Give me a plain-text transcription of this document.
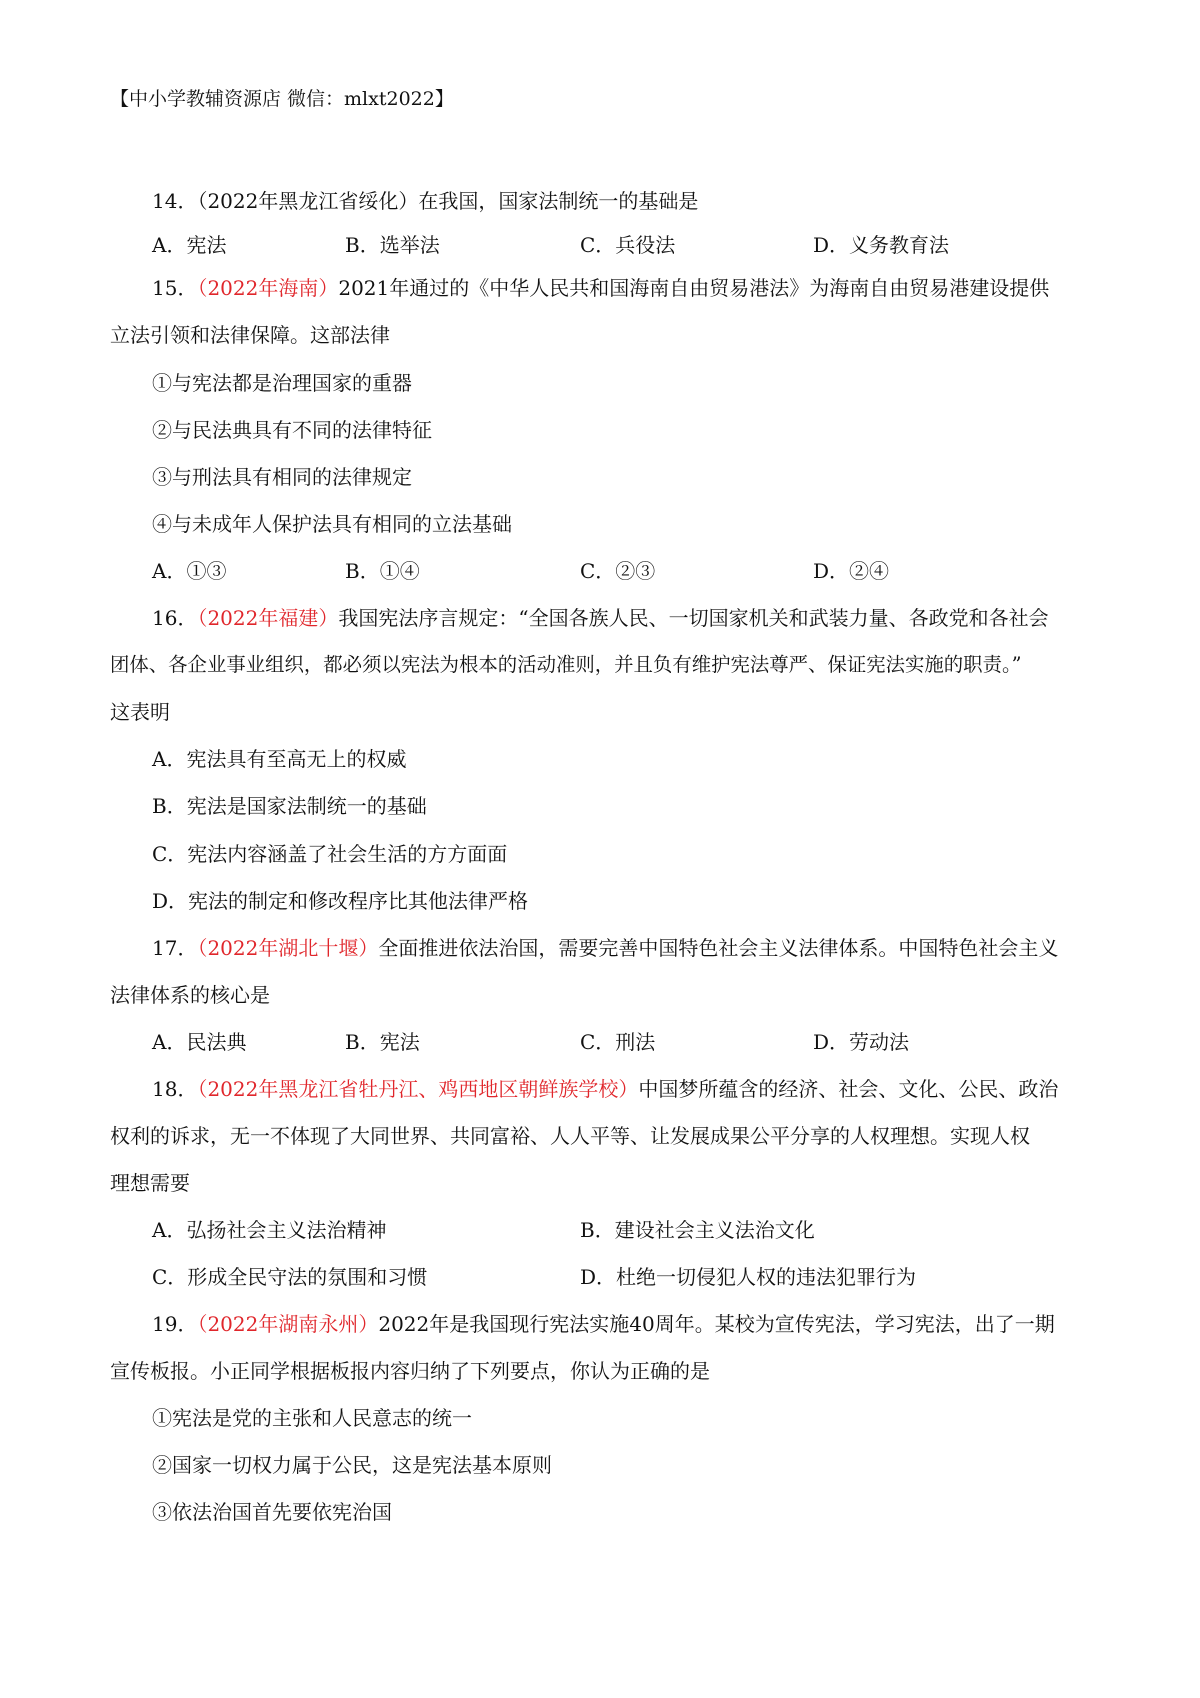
【中小学教辅资源店 微信：mlxt2022】
14．（2022年黑龙江省绥化）在我国，国家法制统一的基础是
A．宪法	B．选举法	C．兵役法	D．义务教育法
15．（2022年海南）2021年通过的《中华人民共和国海南自由贸易港法》为海南自由贸易港建设提供
立法引领和法律保障。这部法律
①与宪法都是治理国家的重器
②与民法典具有不同的法律特征
③与刑法具有相同的法律规定
④与未成年人保护法具有相同的立法基础
A．①③	B．①④	C．②③	D．②④
16．（2022年福建）我国宪法序言规定：“全国各族人民、一切国家机关和武装力量、各政党和各社会
团体、各企业事业组织，都必须以宪法为根本的活动准则，并且负有维护宪法尊严、保证宪法实施的职责。”
这表明
A．宪法具有至高无上的权威
B．宪法是国家法制统一的基础
C．宪法内容涵盖了社会生活的方方面面
D．宪法的制定和修改程序比其他法律严格
17．（2022年湖北十堰）全面推进依法治国，需要完善中国特色社会主义法律体系。中国特色社会主义
法律体系的核心是
A．民法典	B．宪法	C．刑法	D．劳动法
18．（2022年黑龙江省牡丹江、鸡西地区朝鲜族学校）中国梦所蕴含的经济、社会、文化、公民、政治
权利的诉求，无一不体现了大同世界、共同富裕、人人平等、让发展成果公平分享的人权理想。实现人权
理想需要
A．弘扬社会主义法治精神	B．建设社会主义法治文化
C．形成全民守法的氛围和习惯	D．杜绝一切侵犯人权的违法犯罪行为
19．（2022年湖南永州）2022年是我国现行宪法实施40周年。某校为宣传宪法，学习宪法，出了一期
宣传板报。小正同学根据板报内容归纳了下列要点，你认为正确的是
①宪法是党的主张和人民意志的统一
②国家一切权力属于公民，这是宪法基本原则
③依法治国首先要依宪治国
